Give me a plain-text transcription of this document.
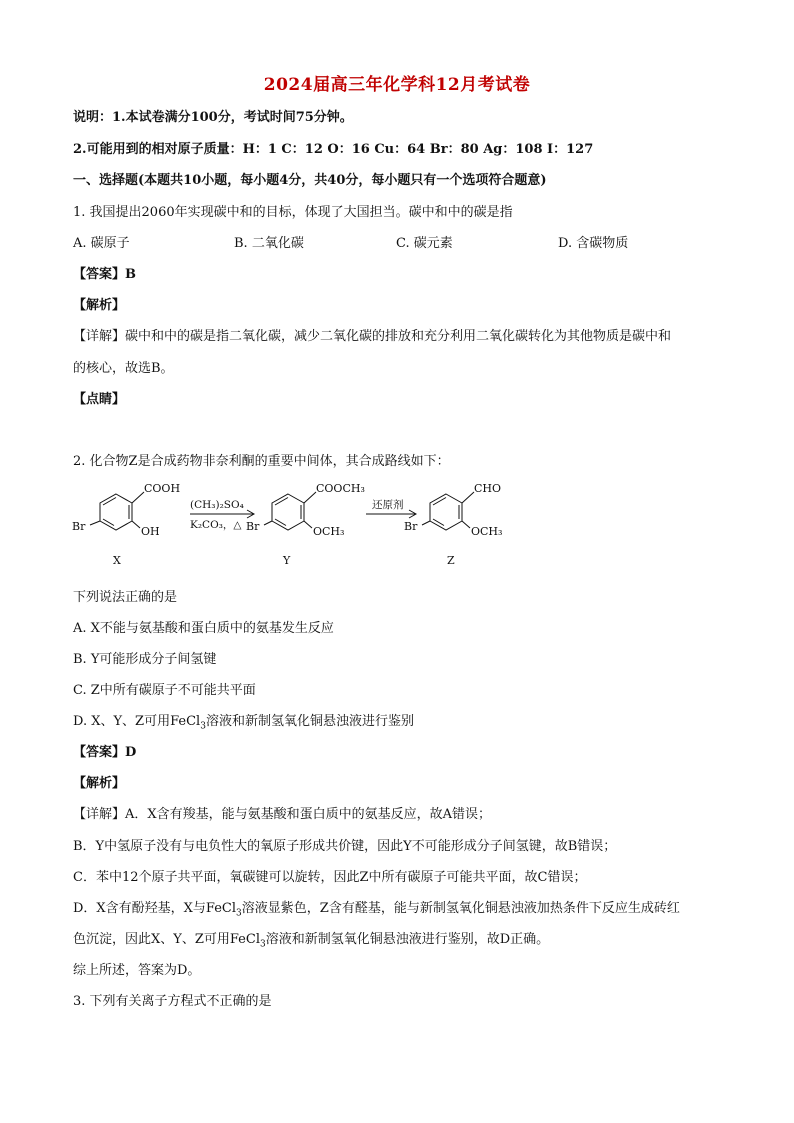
2024届高三年化学科12月考试卷
说明：1.本试卷满分100分，考试时间75分钟。
2.可能用到的相对原子质量：H：1 C：12 O：16 Cu：64 Br：80 Ag：108 I：127
一、选择题(本题共10小题，每小题4分，共40分，每小题只有一个选项符合题意)
1. 我国提出2060年实现碳中和的目标，体现了大国担当。碳中和中的碳是指
A. 碳原子	B. 二氧化碳	C. 碳元素	D. 含碳物质
【答案】B
【解析】
【详解】碳中和中的碳是指二氧化碳，减少二氧化碳的排放和充分利用二氧化碳转化为其他物质是碳中和
的核心，故选B。
【点睛】
2. 化合物Z是合成药物非奈利酮的重要中间体，其合成路线如下：
COOH
OH
Br
X
(CH₃)₂SO₄
K₂CO₃，△
COOCH₃
OCH₃
Br
Y
还原剂
CHO
OCH₃
Br
Z
下列说法正确的是
A. X不能与氨基酸和蛋白质中的氨基发生反应
B. Y可能形成分子间氢键
C. Z中所有碳原子不可能共平面
D. X、Y、Z可用FeCl$_3$溶液和新制氢氧化铜悬浊液进行鉴别
【答案】D
【解析】
【详解】A．X含有羧基，能与氨基酸和蛋白质中的氨基反应，故A错误；
B．Y中氢原子没有与电负性大的氧原子形成共价键，因此Y不可能形成分子间氢键，故B错误；
C．苯中12个原子共平面，氧碳键可以旋转，因此Z中所有碳原子可能共平面，故C错误；
D．X含有酚羟基，X与FeCl$_3$溶液显紫色，Z含有醛基，能与新制氢氧化铜悬浊液加热条件下反应生成砖红
色沉淀，因此X、Y、Z可用FeCl$_3$溶液和新制氢氧化铜悬浊液进行鉴别，故D正确。
综上所述，答案为D。
3. 下列有关离子方程式不正确的是
